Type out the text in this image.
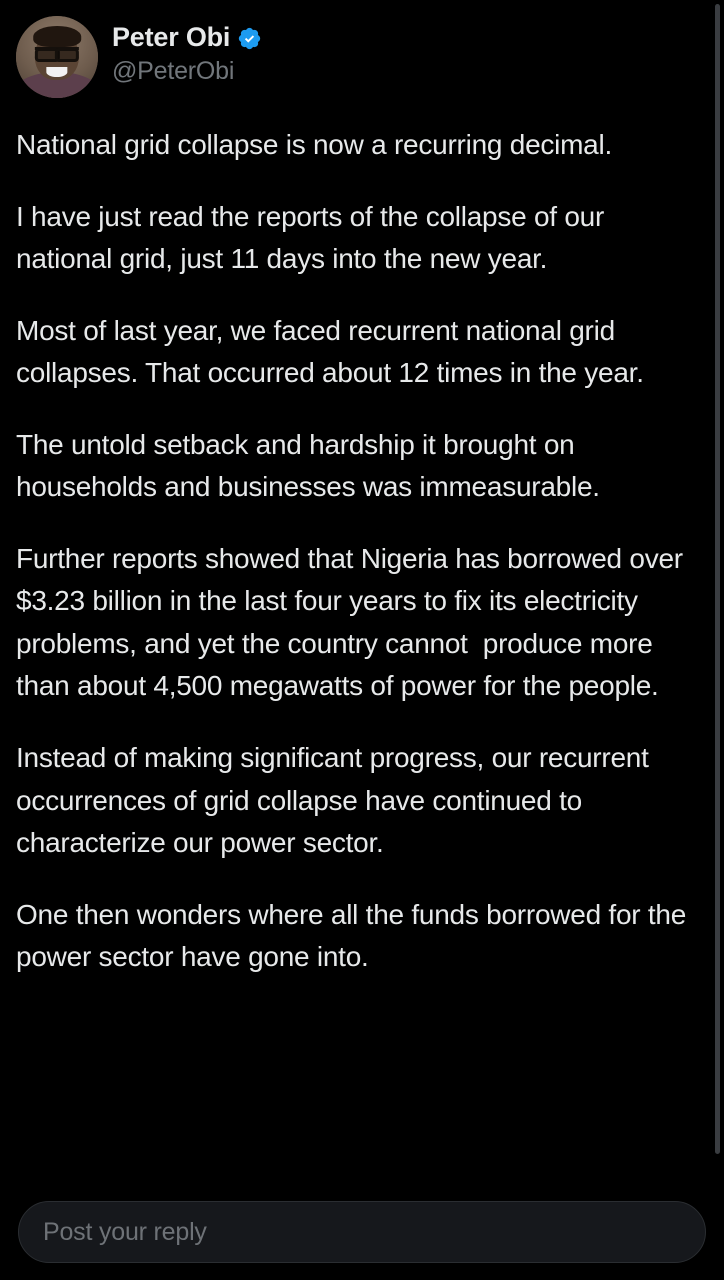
Peter Obi
@PeterObi

National grid collapse is now a recurring decimal.

I have just read the reports of the collapse of our national grid, just 11 days into the new year.

Most of last year, we faced recurrent national grid collapses. That occurred about 12 times in the year.

The untold setback and hardship it brought on households and businesses was immeasurable.

Further reports showed that Nigeria has borrowed over $3.23 billion in the last four years to fix its electricity problems, and yet the country cannot  produce more than about 4,500 megawatts of power for the people.

Instead of making significant progress, our recurrent occurrences of grid collapse have continued to characterize our power sector.

One then wonders where all the funds borrowed for the power sector have gone into.

Post your reply
